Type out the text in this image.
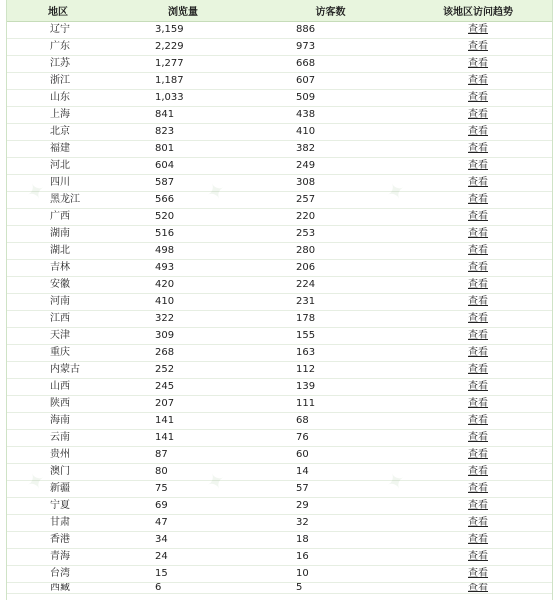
地区	浏览量	访客数	该地区访问趋势
辽宁	3,159	886	查看
广东	2,229	973	查看
江苏	1,277	668	查看
浙江	1,187	607	查看
山东	1,033	509	查看
上海	841	438	查看
北京	823	410	查看
福建	801	382	查看
河北	604	249	查看
四川	587	308	查看
黑龙江	566	257	查看
广西	520	220	查看
湖南	516	253	查看
湖北	498	280	查看
吉林	493	206	查看
安徽	420	224	查看
河南	410	231	查看
江西	322	178	查看
天津	309	155	查看
重庆	268	163	查看
内蒙古	252	112	查看
山西	245	139	查看
陕西	207	111	查看
海南	141	68	查看
云南	141	76	查看
贵州	87	60	查看
澳门	80	14	查看
新疆	75	57	查看
宁夏	69	29	查看
甘肃	47	32	查看
香港	34	18	查看
青海	24	16	查看
台湾	15	10	查看
西藏	6	5	查看
✦	✦	✦
✦	✦	✦
